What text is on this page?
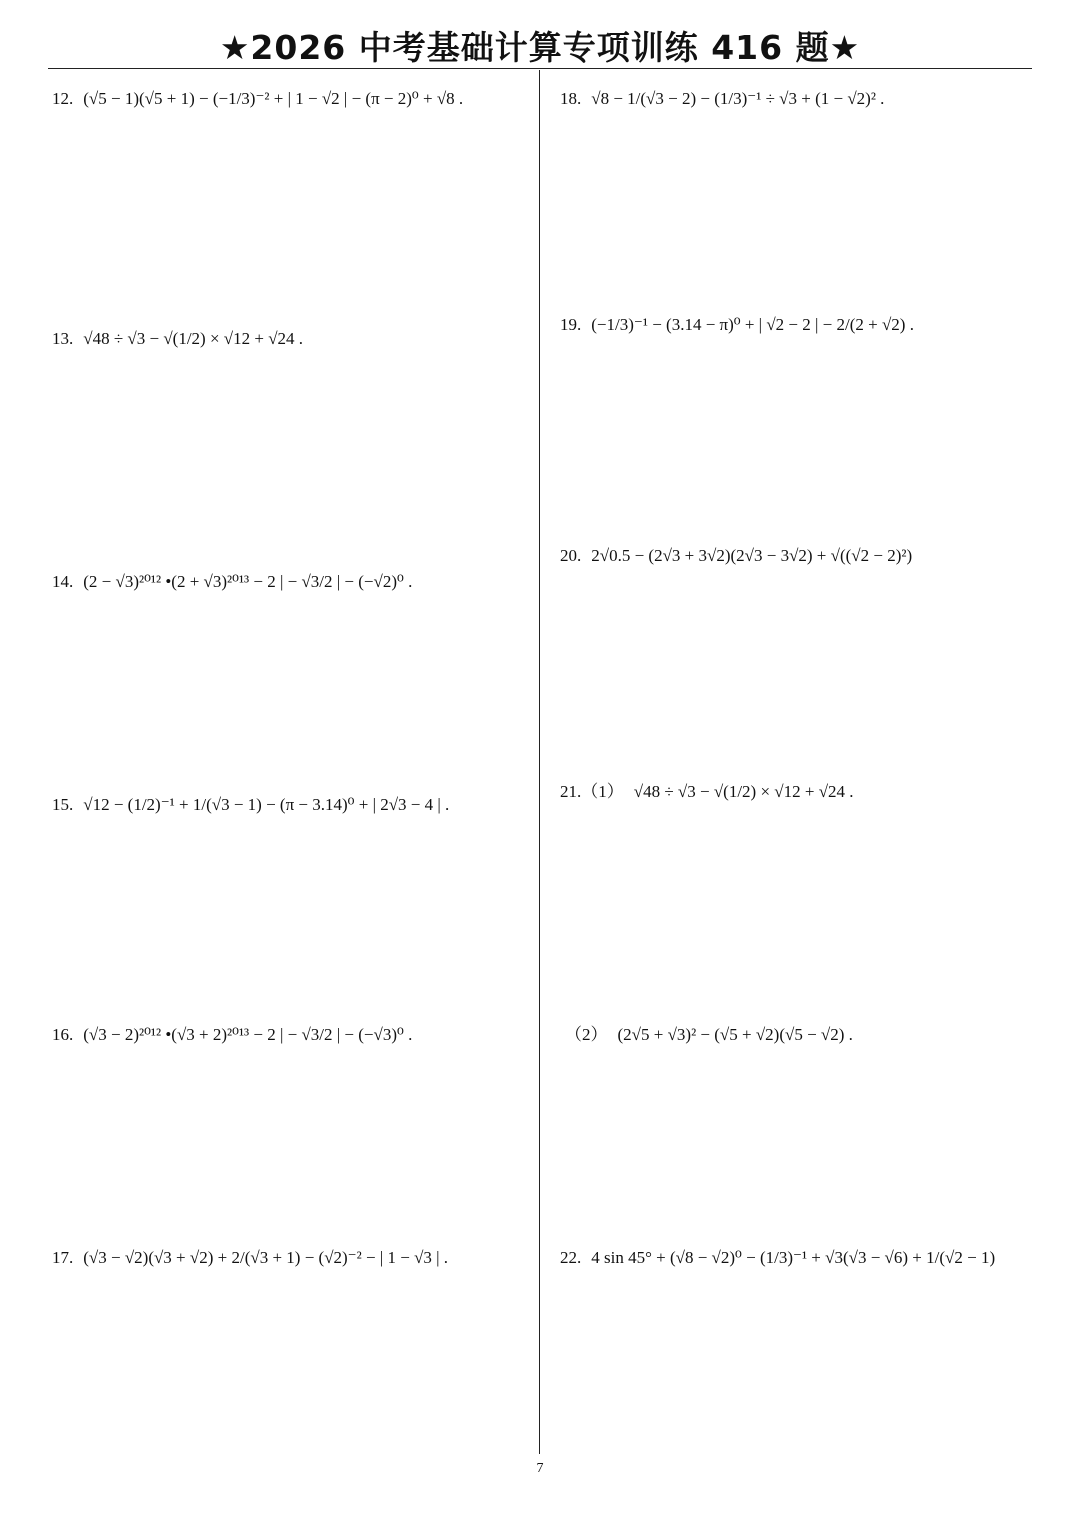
★2026 中考基础计算专项训练 416 题★
12. (√5 − 1)(√5 + 1) − (−1/3)⁻² + | 1 − √2 | − (π − 2)⁰ + √8 .
13. √48 ÷ √3 − √(1/2) × √12 + √24 .
14. (2 − √3)²⁰¹² •(2 + √3)²⁰¹³ − 2 | − √3/2 | − (−√2)⁰ .
15. √12 − (1/2)⁻¹ + 1/(√3 − 1) − (π − 3.14)⁰ + | 2√3 − 4 | .
16. (√3 − 2)²⁰¹² •(√3 + 2)²⁰¹³ − 2 | − √3/2 | − (−√3)⁰ .
17. (√3 − √2)(√3 + √2) + 2/(√3 + 1) − (√2)⁻² − | 1 − √3 | .
18. √8 − 1/(√3 − 2) − (1/3)⁻¹ ÷ √3 + (1 − √2)² .
19. (−1/3)⁻¹ − (3.14 − π)⁰ + | √2 − 2 | − 2/(2 + √2) .
20. 2√0.5 − (2√3 + 3√2)(2√3 − 3√2) + √((√2 − 2)²)
21.（1） √48 ÷ √3 − √(1/2) × √12 + √24 .
（2） (2√5 + √3)² − (√5 + √2)(√5 − √2) .
22. 4 sin 45° + (√8 − √2)⁰ − (1/3)⁻¹ + √3(√3 − √6) + 1/(√2 − 1)
7
